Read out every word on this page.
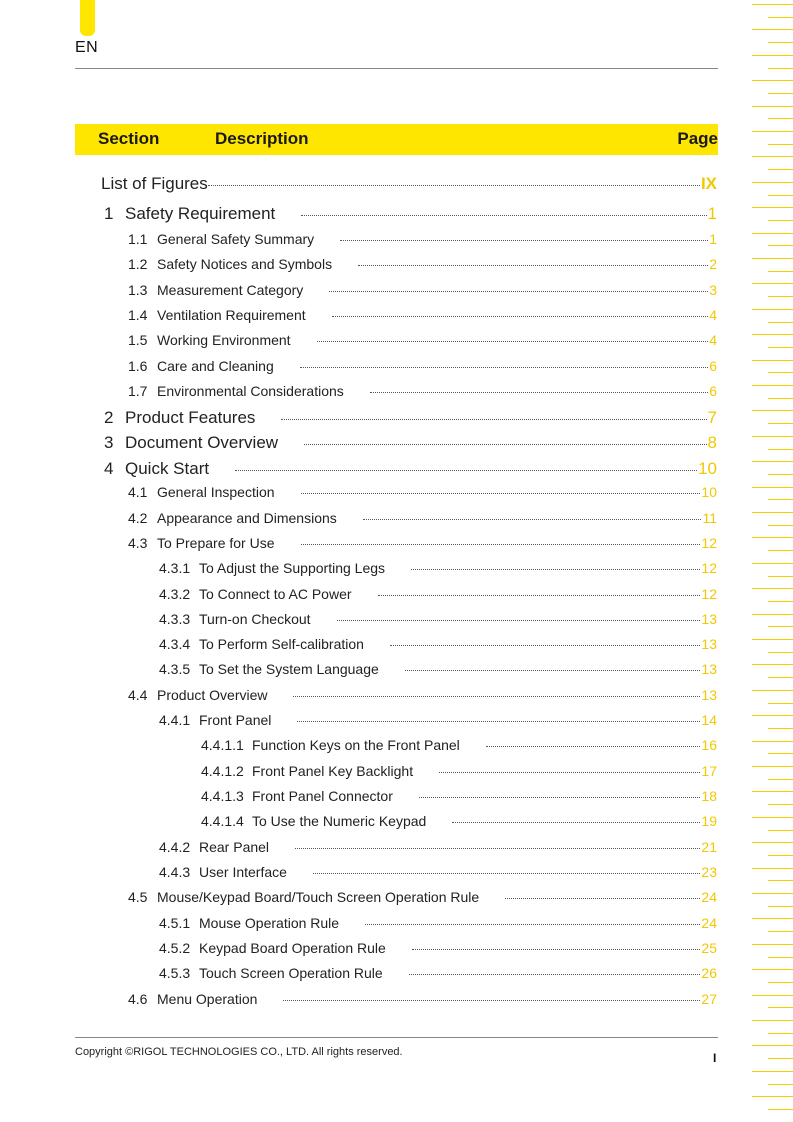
EN
Section	Description	Page
List of Figures	IX
1 Safety Requirement	1
1.1 General Safety Summary	1
1.2 Safety Notices and Symbols	2
1.3 Measurement Category	3
1.4 Ventilation Requirement	4
1.5 Working Environment	4
1.6 Care and Cleaning	6
1.7 Environmental Considerations	6
2 Product Features	7
3 Document Overview	8
4 Quick Start	10
4.1 General Inspection	10
4.2 Appearance and Dimensions	11
4.3 To Prepare for Use	12
4.3.1 To Adjust the Supporting Legs	12
4.3.2 To Connect to AC Power	12
4.3.3 Turn-on Checkout	13
4.3.4 To Perform Self-calibration	13
4.3.5 To Set the System Language	13
4.4 Product Overview	13
4.4.1 Front Panel	14
4.4.1.1 Function Keys on the Front Panel	16
4.4.1.2 Front Panel Key Backlight	17
4.4.1.3 Front Panel Connector	18
4.4.1.4 To Use the Numeric Keypad	19
4.4.2 Rear Panel	21
4.4.3 User Interface	23
4.5 Mouse/Keypad Board/Touch Screen Operation Rule	24
4.5.1 Mouse Operation Rule	24
4.5.2 Keypad Board Operation Rule	25
4.5.3 Touch Screen Operation Rule	26
4.6 Menu Operation	27
Copyright ©RIGOL TECHNOLOGIES CO., LTD. All rights reserved.	I
